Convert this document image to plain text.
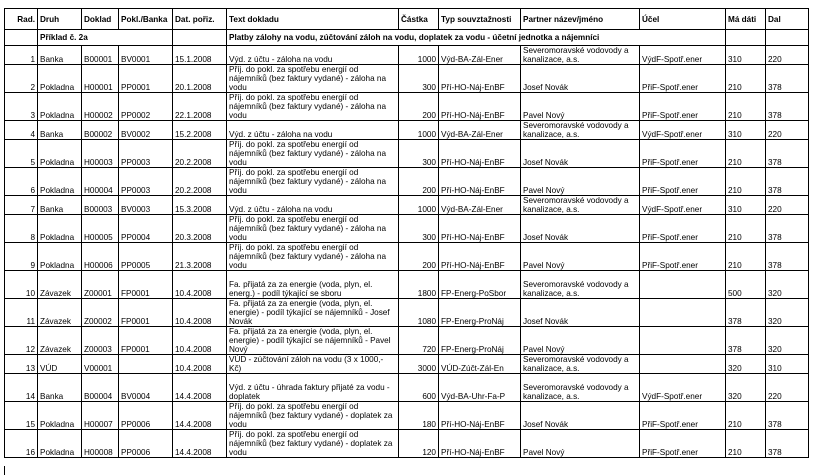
Rad.	Druh	Doklad	Pokl./Banka	Dat. pořiz.	Text dokladu	Částka	Typ souvztažnosti	Partner název/jméno	Účel	Má dáti	Dal
	Příklad č. 2a				Platby zálohy na vodu, zúčtování záloh na vodu, doplatek za vodu - účetní jednotka a nájemníci						
1	Banka	B00001	BV0001	15.1.2008	Výd. z účtu - záloha na vodu	1000	Výd-BA-Zál-Ener	Severomoravské vodovody a kanalizace, a.s.	VýdF-Spotř.ener	310	220
2	Pokladna	H00001	PP0001	20.1.2008	Příj. do pokl. za spotřebu energií od nájemníků (bez faktury vydané) - záloha na vodu	300	Pří-HO-Náj-EnBF	Josef Novák	PřiF-Spotř.ener	210	378
3	Pokladna	H00002	PP0002	22.1.2008	Příj. do pokl. za spotřebu energií od nájemníků (bez faktury vydané) - záloha na vodu	200	Pří-HO-Náj-EnBF	Pavel Nový	PřiF-Spotř.ener	210	378
4	Banka	B00002	BV0002	15.2.2008	Výd. z účtu - záloha na vodu	1000	Výd-BA-Zál-Ener	Severomoravské vodovody a kanalizace, a.s.	VýdF-Spotř.ener	310	220
5	Pokladna	H00003	PP0003	20.2.2008	Příj. do pokl. za spotřebu energií od nájemníků (bez faktury vydané) - záloha na vodu	300	Pří-HO-Náj-EnBF	Josef Novák	PřiF-Spotř.ener	210	378
6	Pokladna	H00004	PP0003	20.2.2008	Příj. do pokl. za spotřebu energií od nájemníků (bez faktury vydané) - záloha na vodu	200	Pří-HO-Náj-EnBF	Pavel Nový	PřiF-Spotř.ener	210	378
7	Banka	B00003	BV0003	15.3.2008	Výd. z účtu - záloha na vodu	1000	Výd-BA-Zál-Ener	Severomoravské vodovody a kanalizace, a.s.	VýdF-Spotř.ener	310	220
8	Pokladna	H00005	PP0004	20.3.2008	Příj. do pokl. za spotřebu energií od nájemníků (bez faktury vydané) - záloha na vodu	300	Pří-HO-Náj-EnBF	Josef Novák	PřiF-Spotř.ener	210	378
9	Pokladna	H00006	PP0005	21.3.2008	Příj. do pokl. za spotřebu energií od nájemníků (bez faktury vydané) - záloha na vodu	200	Pří-HO-Náj-EnBF	Pavel Nový	PřiF-Spotř.ener	210	378
10	Závazek	Z00001	FP0001	10.4.2008	Fa. přijatá za za energie (voda, plyn, el. energ.) - podíl týkající se sboru	1800	FP-Energ-PoSbor	Severomoravské vodovody a kanalizace, a.s.		500	320
11	Závazek	Z00002	FP0001	10.4.2008	Fa. přijatá za za energie (voda, plyn, el. energie) - podíl týkající se nájemníků - Josef Novák	1080	FP-Energ-ProNáj	Josef Novák		378	320
12	Závazek	Z00003	FP0001	10.4.2008	Fa. přijatá za za energie (voda, plyn, el. energie) - podíl týkající se nájemníků - Pavel Nový	720	FP-Energ-ProNáj	Pavel Nový		378	320
13	VÚD	V00001		10.4.2008	VÚD - zúčtování záloh na vodu (3 x 1000,- Kč)	3000	VÚD-Zúčt-Zál-En	Severomoravské vodovody a kanalizace, a.s.		320	310
14	Banka	B00004	BV0004	14.4.2008	Výd. z účtu - úhrada faktury přijaté za vodu - doplatek	600	Výd-BA-Uhr-Fa-P	Severomoravské vodovody a kanalizace, a.s.	VýdF-Spotř.ener	320	220
15	Pokladna	H00007	PP0006	14.4.2008	Příj. do pokl. za spotřebu energií od nájemníků (bez faktury vydané) - doplatek za vodu	180	Pří-HO-Náj-EnBF	Josef Novák	PřiF-Spotř.ener	210	378
16	Pokladna	H00008	PP0006	14.4.2008	Příj. do pokl. za spotřebu energií od nájemníků (bez faktury vydané) - doplatek za vodu	120	Pří-HO-Náj-EnBF	Pavel Nový	PřiF-Spotř.ener	210	378
